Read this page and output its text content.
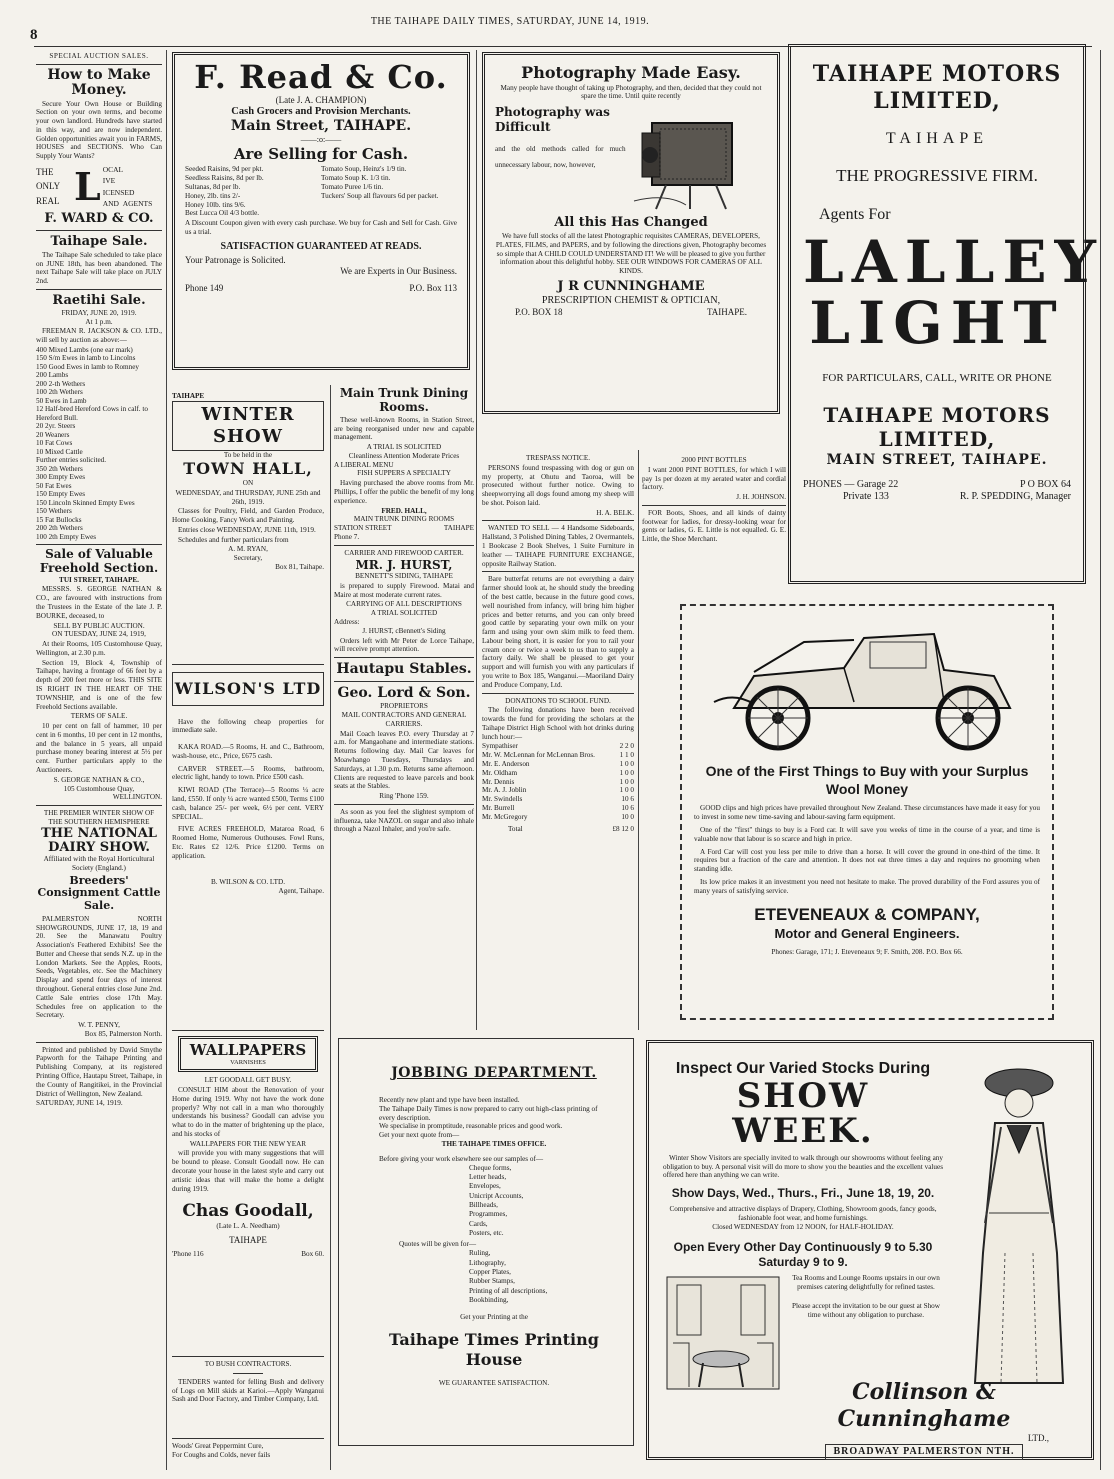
8
THE TAIHAPE DAILY TIMES, SATURDAY, JUNE 14, 1919.
SPECIAL AUCTION SALES.
How to Make Money.

Secure Your Own House or Building Section on your own terms, and become your own landlord. Hundreds have started in this way, and are now independent. Golden opportunities await you in FARMS, HOUSES and SECTIONS. Who Can Supply Your Wants?

THE
ONLY
REAL L OCAL
IVE
ICENSED
AND AGENTS
F. WARD & CO.
Taihape Sale.

The Taihape Sale scheduled to take place on JUNE 18th, has been abandoned. The next Taihape Sale will take place on JULY 2nd.

Raetihi Sale.
FRIDAY, JUNE 20, 1919.
At 1 p.m.

FREEMAN R. JACKSON & CO. LTD., will sell by auction as above:—

400 Mixed Lambs (one ear mark)
150 S/m Ewes in lamb to Lincolns
150 Good Ewes in lamb to Romney
200 Lambs
200 2-th Wethers
100 2th Wethers
50 Ewes in Lamb
12 Half-bred Hereford Cows in calf. to Hereford Bull.
20 2yr. Steers
20 Weaners
10 Fat Cows
10 Mixed Cattle
Further entries solicited.
350 2th Wethers
300 Empty Ewes
50 Fat Ewes
150 Empty Ewes
150 Lincoln Skinned Empty Ewes
150 Wethers
15 Fat Bullocks
200 2th Wethers
100 2th Empty Ewes
Sale of Valuable Freehold Section.
TUI STREET, TAIHAPE.

MESSRS. S. GEORGE NATHAN & CO., are favoured with instructions from the Trustees in the Estate of the late J. P. BOURKE, deceased, to

SELL BY PUBLIC AUCTION.
ON TUESDAY, JUNE 24, 1919,

At their Rooms, 105 Customhouse Quay, Wellington, at 2.30 p.m.

Section 19, Block 4, Township of Taihape, having a frontage of 66 feet by a depth of 200 feet more or less. THIS SITE IS RIGHT IN THE HEART OF THE TOWNSHIP, and is one of the few Freehold Sections available.

TERMS OF SALE.

10 per cent on fall of hammer, 10 per cent in 6 months, 10 per cent in 12 months, and the balance in 5 years, all unpaid purchase money bearing interest at 5½ per cent. Further particulars apply to the Auctioneers.

S. GEORGE NATHAN & CO.,
105 Customhouse Quay,
WELLINGTON.
THE PREMIER WINTER SHOW OF
THE SOUTHERN HEMISPHERE
THE NATIONAL DAIRY SHOW.
Affiliated with the Royal Horticultural Society (England.)
Breeders' Consignment Cattle Sale.

PALMERSTON NORTH SHOWGROUNDS, JUNE 17, 18, 19 and 20. See the Manawatu Poultry Association's Feathered Exhibits! See the Butter and Cheese that sends N.Z. up in the London Markets. See the Apples, Roots, Seeds, Vegetables, etc. See the Machinery Display and spend four days of interest throughout. General entries close June 2nd. Cattle Sale entries close 17th May. Schedules free on application to the Secretary.

W. T. PENNY,
Box 85, Palmerston North.

Printed and published by David Smythe Papworth for the Taihape Printing and Publishing Company, at its registered Printing Office, Hautapu Street, Taihape, in the County of Rangitikei, in the Provincial District of Wellington, New Zealand.

SATURDAY, JUNE 14, 1919.
F. Read & Co.
(Late J. A. CHAMPION)
Cash Grocers and Provision Merchants.
Main Street, TAIHAPE.
——:o:——
Are Selling for Cash.
Seeded Raisins, 9d per pkt.
Seedless Raisins, 8d per lb.
Sultanas, 8d per lb.
Honey, 2lb. tins 2/-
Honey 10lb. tins 9/6.
Best Lucca Oil 4/3 bottle.
Tomato Soup, Heinz's 1/9 tin.
Tomato Soup K. 1/3 tin.
Tomato Puree 1/6 tin.
Tuckers' Soup all flavours 6d per packet.

A Discount Coupon given with every cash purchase. We buy for Cash and Sell for Cash. Give us a trial.

SATISFACTION GUARANTEED AT READS.
Your Patronage is Solicited.
We are Experts in Our Business.
Phone 149	P.O. Box 113
Photography Made Easy.

Many people have thought of taking up Photography, and then, decided that they could not spare the time. Until quite recently

Photography was Difficult

and the old methods called for much unnecessary labour, now, however,

All this Has Changed

We have full stocks of all the latest Photographic requisites CAMERAS, DEVELOPERS, PLATES, FILMS, and PAPERS, and by following the directions given, Photography becomes so simple that A CHILD COULD UNDERSTAND IT! We will be pleased to give you further information about this delightful hobby. SEE OUR WINDOWS FOR CAMERAS OF ALL KINDS.

J R CUNNINGHAME
PRESCRIPTION CHEMIST & OPTICIAN,
P.O. BOX 18	TAIHAPE.
TAIHAPE MOTORS LIMITED,
TAIHAPE
THE PROGRESSIVE FIRM.
Agents For
LALLEY
LIGHT
FOR PARTICULARS, CALL, WRITE OR PHONE
TAIHAPE MOTORS LIMITED,
MAIN STREET, TAIHAPE.
PHONES — Garage 22	P O BOX 64
Private 133	R. P. SPEDDING, Manager
TAIHAPE
WINTER SHOW
To be held in the
TOWN HALL,
ON

WEDNESDAY, and THURSDAY, JUNE 25th and 26th, 1919.

Classes for Poultry, Field, and Garden Produce, Home Cooking, Fancy Work and Painting.

Entries close WEDNESDAY, JUNE 11th, 1919.

Schedules and further particulars from

A. M. RYAN,
Secretary,
Box 81, Taihape.
WILSON'S LTD

Have the following cheap properties for immediate sale.

KAKA ROAD.—5 Rooms, H. and C., Bathroom, wash-house, etc., Price, £675 cash.

CARVER STREET.—5 Rooms, bathroom, electric light, handy to town. Price £500 cash.

KIWI ROAD (The Terrace)—5 Rooms ¼ acre land, £550. If only ¼ acre wanted £500, Terms £100 cash, balance 25/- per week, 6½ per cent. VERY SPECIAL.

FIVE ACRES FREEHOLD, Mataroa Road, 6 Roomed Home, Numerous Outhouses. Fowl Runs, Etc. Rates £2 12/6. Price £1200. Terms on application.

B. WILSON & CO. LTD.
Agent, Taihape.
WALLPAPERS
VARNISHES
LET GOODALL GET BUSY.

CONSULT HIM about the Renovation of your Home during 1919. Why not have the work done properly? Why not call in a man who thoroughly understands his business? Goodall can advise you what to do in the matter of brightening up the place, and his stocks of

WALLPAPERS FOR THE NEW YEAR

will provide you with many suggestions that will be bound to please. Consult Goodall now. He can decorate your house in the latest style and carry out artistic ideas that will make the home a delight during 1919.

Chas Goodall,
(Late L. A. Needham)
TAIHAPE
'Phone 116	Box 60.
TO BUSH CONTRACTORS.

TENDERS wanted for felling Bush and delivery of Logs on Mill skids at Karioi.—Apply Wanganui Sash and Door Factory, and Timber Company, Ltd.

Woods' Great Peppermint Cure,
For Coughs and Colds, never fails
Main Trunk Dining Rooms.

These well-known Rooms, in Station Street, are being reorganised under new and capable management.

A TRIAL IS SOLICITED
Cleanliness Attention Moderate Prices
A LIBERAL MENU
FISH SUPPERS A SPECIALTY

Having purchased the above rooms from Mr. Phillips, I offer the public the benefit of my long experience.

FRED. HALL,
MAIN TRUNK DINING ROOMS
STATION STREET	TAIHAPE
Phone 7.
CARRIER AND FIREWOOD CARTER.
MR. J. HURST,
BENNETT'S SIDING, TAIHAPE

is prepared to supply Firewood. Matai and Maire at most moderate current rates.

CARRYING OF ALL DESCRIPTIONS
A TRIAL SOLICITED
Address:
J. HURST, cBennett's Siding

Orders left with Mr Peter de Lorce Taihape, will receive prompt attention.

Hautapu Stables.
Geo. Lord & Son.
PROPRIETORS
MAIL CONTRACTORS AND GENERAL CARRIERS.

Mail Coach leaves P.O. every Thursday at 7 a.m. for Mangaohane and intermediate stations. Returns following day. Mail Car leaves for Moawhango Tuesdays, Thursdays and Saturdays, at 1.30 p.m. Returns same afternoon. Clients are requested to leave parcels and book seats at the Stables.

Ring 'Phone 159.

As soon as you feel the slightest symptom of influenza, take NAZOL on sugar and also inhale through a Nazol Inhaler, and you're safe.

TRESPASS NOTICE.

PERSONS found trespassing with dog or gun on my property, at Ohutu and Taoroa, will be prosecuted without further notice. Owing to sheepworrying all dogs found among my sheep will be shot. Poison laid.

H. A. BELK.

WANTED TO SELL — 4 Handsome Sideboards, Hallstand, 3 Polished Dining Tables, 2 Overmantels, 1 Bookcase 2 Book Shelves, 1 Suite Furniture in leather — TAIHAPE FURNITURE EXCHANGE, opposite Railway Station.

Bare butterfat returns are not everything a dairy farmer should look at, he should study the breeding of the best cattle, because in the future good cows, well nourished from infancy, will bring him higher prices and better returns, and you can only breed good cattle by separating your own milk on your farm and using your own skim milk to feed them. Labour being short, it is easier for you to rail your cream once or twice a week to us than to supply a factory daily. We shall be pleased to get your support and will furnish you with any particulars if you write to Box 185, Wanganui.—Maoriland Dairy and Produce Company, Ltd.

DONATIONS TO SCHOOL FUND.

The following donations have been received towards the fund for providing the scholars at the Taihape District High School with hot drinks during lunch hour:—

Sympathiser	2 2 0
Mr. W. McLennan for McLennan Bros.	1 1 0
Mr. E. Anderson	1 0 0
Mr. Oldham	1 0 0
Mr. Dennis	1 0 0
Mr. A. J. Joblin	1 0 0
Mr. Swindells	10 6
Mr. Burrell	10 6
Mr. McGregory	10 0
Total	£8 12 0
2000 PINT BOTTLES

I want 2000 PINT BOTTLES, for which I will pay 1s per dozen at my aerated water and cordial factory.

J. H. JOHNSON.

FOR Boots, Shoes, and all kinds of dainty footwear for ladies, for dressy-looking wear for gents or ladies, G. E. Little is not equalled. G. E. Little, the Shoe Merchant.

One of the First Things to Buy with your Surplus Wool Money

GOOD clips and high prices have prevailed throughout New Zealand. These circumstances have made it easy for you to invest in some new time-saving and labour-saving farm equipment.

One of the "first" things to buy is a Ford car. It will save you weeks of time in the course of a year, and time is valuable now that labour is so scarce and high in price.

A Ford Car will cost you less per mile to drive than a horse. It will cover the ground in one-third of the time. It requires but a fraction of the care and attention. It does not eat three times a day and requires no grooming when standing idle.

Its low price makes it an investment you need not hesitate to make. The proved durability of the Ford assures you of many years of satisfying service.

ETEVENEAUX & COMPANY,
Motor and General Engineers.
Phones: Garage, 171; J. Eteveneaux 9; F. Smith, 208. P.O. Box 66.
JOBBING DEPARTMENT.
Recently new plant and type have been installed.
The Taihape Daily Times is now prepared to carry out high-class printing of every description.
We specialise in promptitude, reasonable prices and good work.
Get your next quote from—
THE TAIHAPE TIMES OFFICE.
Before giving your work elsewhere see our samples of—
Cheque forms,
Letter heads,
Envelopes,
Unicript Accounts,
Billheads,
Programmes,
Cards,
Posters, etc.
Quotes will be given for—
Ruling,
Lithography,
Copper Plates,
Rubber Stamps,
Printing of all descriptions,
Bookbinding,
Get your Printing at the
Taihape Times Printing House
WE GUARANTEE SATISFACTION.
Inspect Our Varied Stocks During
SHOW WEEK.

Winter Show Visitors are specially invited to walk through our showrooms without feeling any obligation to buy. A personal visit will do more to show you the beauties and the excellent values offered here than anything we can write.

Show Days, Wed., Thurs., Fri., June 18, 19, 20.

Comprehensive and attractive displays of Drapery, Clothing, Showroom goods, fancy goods, fashionable foot wear, and home furnishings.

Closed WEDNESDAY from 12 NOON, for HALF-HOLIDAY.
Open Every Other Day Continuously 9 to 5.30
Saturday 9 to 9.

Tea Rooms and Lounge Rooms upstairs in our own premises catering delightfully for refined tastes.

Please accept the invitation to be our guest at Show time without any obligation to purchase.

Collinson & Cunninghame
LTD.,
BROADWAY PALMERSTON NTH.
